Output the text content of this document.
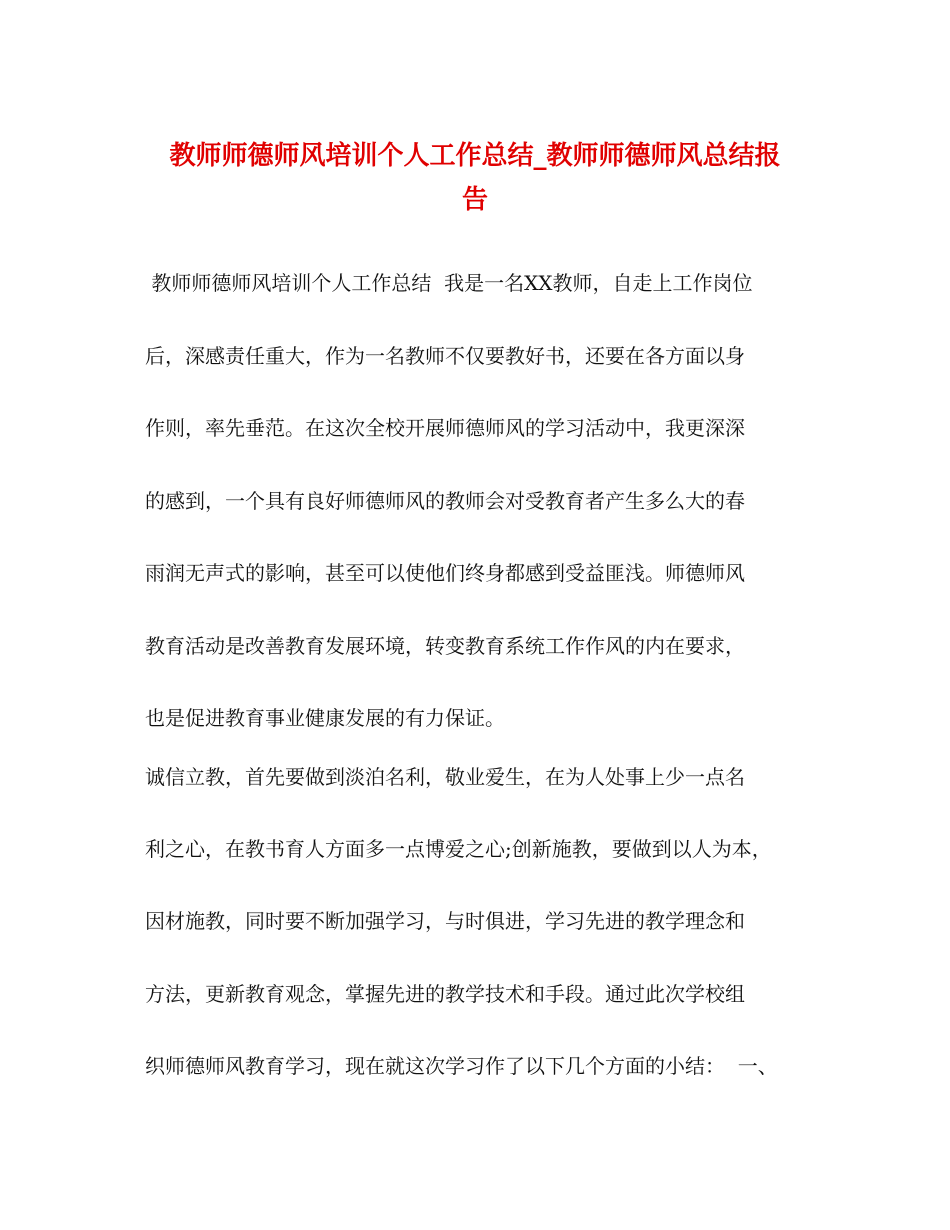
教师师德师风培训个人工作总结_教师师德师风总结报
告

教师师德师风培训个人工作总结  我是一名XX教师，自走上工作岗位

后，深感责任重大，作为一名教师不仅要教好书，还要在各方面以身

作则，率先垂范。在这次全校开展师德师风的学习活动中，我更深深

的感到，一个具有良好师德师风的教师会对受教育者产生多么大的春

雨润无声式的影响，甚至可以使他们终身都感到受益匪浅。师德师风

教育活动是改善教育发展环境，转变教育系统工作作风的内在要求，

也是促进教育事业健康发展的有力保证。

诚信立教，首先要做到淡泊名利，敬业爱生，在为人处事上少一点名

利之心，在教书育人方面多一点博爱之心;创新施教，要做到以人为本，

因材施教，同时要不断加强学习，与时俱进，学习先进的教学理念和

方法，更新教育观念，掌握先进的教学技术和手段。通过此次学校组

织师德师风教育学习，现在就这次学习作了以下几个方面的小结：  一、
